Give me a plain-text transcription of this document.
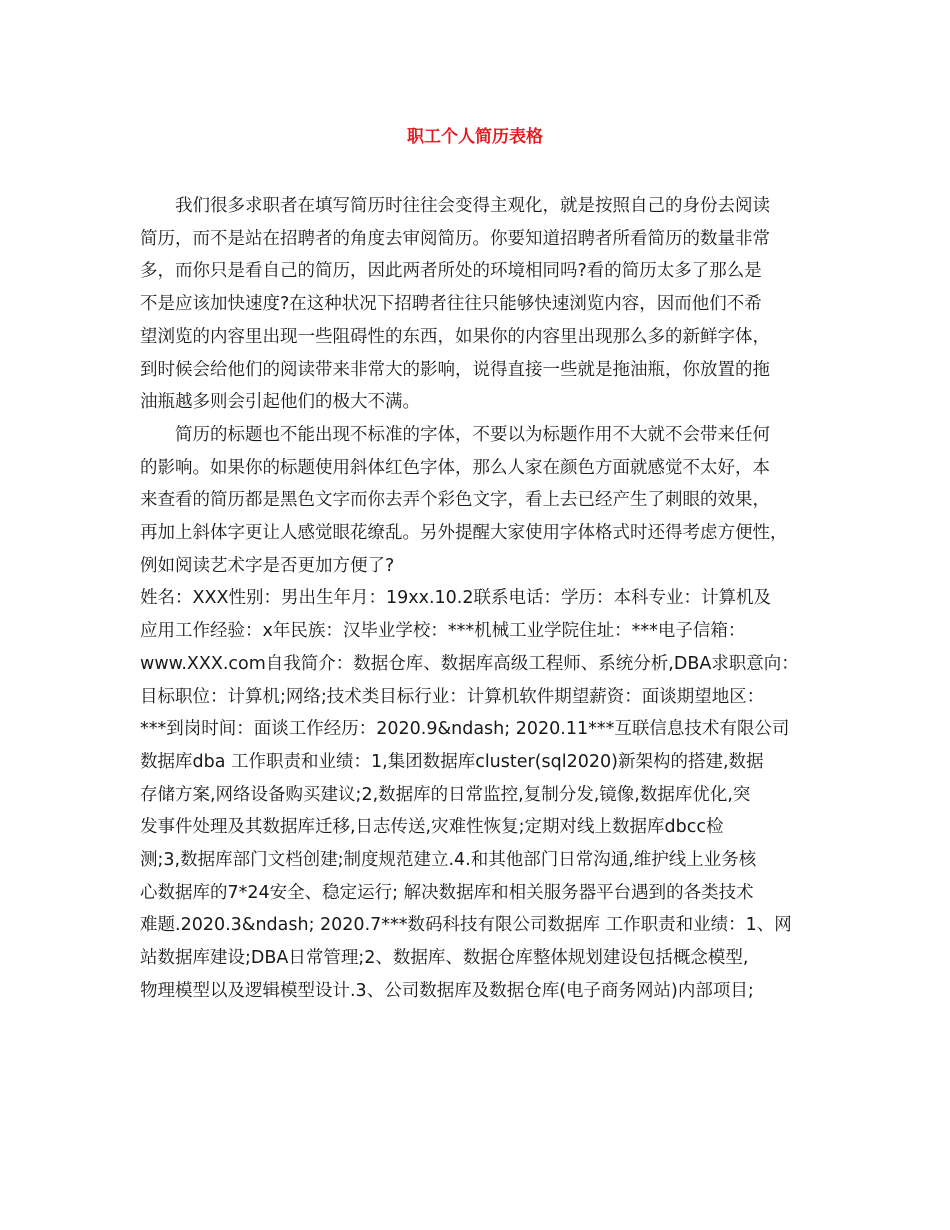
职工个人简历表格
我们很多求职者在填写简历时往往会变得主观化，就是按照自己的身份去阅读
简历，而不是站在招聘者的角度去审阅简历。你要知道招聘者所看简历的数量非常
多，而你只是看自己的简历，因此两者所处的环境相同吗?看的简历太多了那么是
不是应该加快速度?在这种状况下招聘者往往只能够快速浏览内容，因而他们不希
望浏览的内容里出现一些阻碍性的东西，如果你的内容里出现那么多的新鲜字体，
到时候会给他们的阅读带来非常大的影响，说得直接一些就是拖油瓶，你放置的拖
油瓶越多则会引起他们的极大不满。
简历的标题也不能出现不标准的字体，不要以为标题作用不大就不会带来任何
的影响。如果你的标题使用斜体红色字体，那么人家在颜色方面就感觉不太好，本
来查看的简历都是黑色文字而你去弄个彩色文字，看上去已经产生了刺眼的效果，
再加上斜体字更让人感觉眼花缭乱。另外提醒大家使用字体格式时还得考虑方便性，
例如阅读艺术字是否更加方便了?
姓名：XXX性别：男出生年月：19xx.10.2联系电话：学历：本科专业：计算机及
应用工作经验：x年民族：汉毕业学校：***机械工业学院住址：***电子信箱：
www.XXX.com自我简介：数据仓库、数据库高级工程师、系统分析,DBA求职意向：
目标职位：计算机;网络;技术类目标行业：计算机软件期望薪资：面谈期望地区：
***到岗时间：面谈工作经历：2020.9&ndash; 2020.11***互联信息技术有限公司
数据库dba 工作职责和业绩：1,集团数据库cluster(sql2020)新架构的搭建,数据
存储方案,网络设备购买建议;2,数据库的日常监控,复制分发,镜像,数据库优化,突
发事件处理及其数据库迁移,日志传送,灾难性恢复;定期对线上数据库dbcc检
测;3,数据库部门文档创建;制度规范建立.4.和其他部门日常沟通,维护线上业务核
心数据库的7*24安全、稳定运行; 解决数据库和相关服务器平台遇到的各类技术
难题.2020.3&ndash; 2020.7***数码科技有限公司数据库 工作职责和业绩：1、网
站数据库建设;DBA日常管理;2、数据库、数据仓库整体规划建设包括概念模型,
物理模型以及逻辑模型设计.3、公司数据库及数据仓库(电子商务网站)内部项目;
